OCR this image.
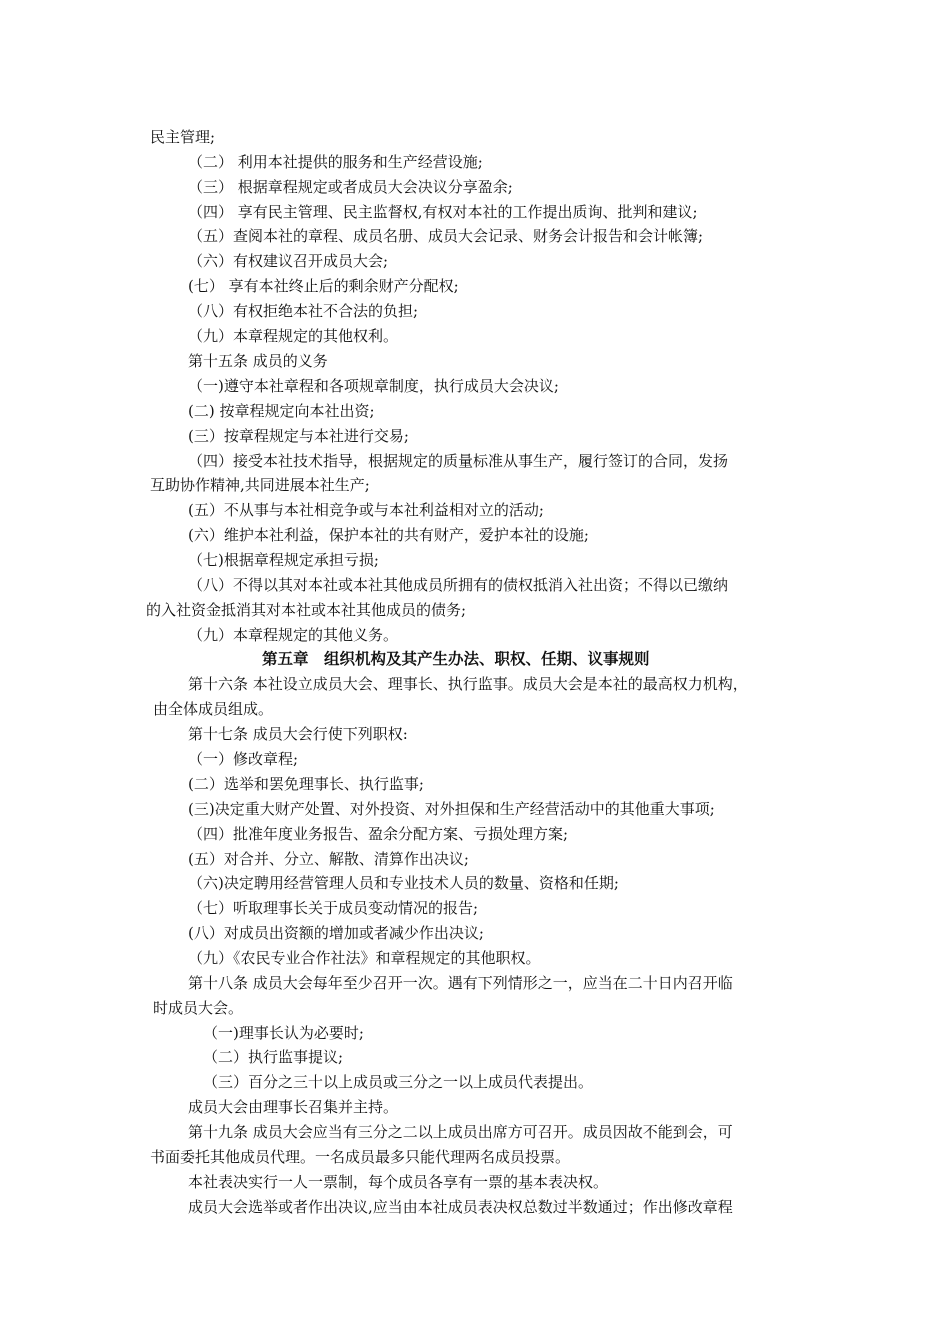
民主管理;
（二） 利用本社提供的服务和生产经营设施;
（三） 根据章程规定或者成员大会决议分享盈余;
（四） 享有民主管理、民主监督权,有权对本社的工作提出质询、批判和建议;
（五）查阅本社的章程、成员名册、成员大会记录、财务会计报告和会计帐簿;
（六）有权建议召开成员大会;
(七） 享有本社终止后的剩余财产分配权;
（八）有权拒绝本社不合法的负担;
（九）本章程规定的其他权利。
第十五条 成员的义务
（一)遵守本社章程和各项规章制度，执行成员大会决议;
(二) 按章程规定向本社出资;
(三）按章程规定与本社进行交易;
（四）接受本社技术指导，根据规定的质量标准从事生产，履行签订的合同，发扬
互助协作精神,共同进展本社生产;
(五）不从事与本社相竞争或与本社利益相对立的活动;
(六）维护本社利益，保护本社的共有财产，爱护本社的设施;
（七)根据章程规定承担亏损;
（八）不得以其对本社或本社其他成员所拥有的债权抵消入社出资；不得以已缴纳
的入社资金抵消其对本社或本社其他成员的债务;
（九）本章程规定的其他义务。
第五章　组织机构及其产生办法、职权、任期、议事规则
第十六条 本社设立成员大会、理事长、执行监事。成员大会是本社的最高权力机构，
由全体成员组成。
第十七条 成员大会行使下列职权:
（一）修改章程;
(二）选举和罢免理事长、执行监事;
(三)决定重大财产处置、对外投资、对外担保和生产经营活动中的其他重大事项;
（四）批准年度业务报告、盈余分配方案、亏损处理方案;
(五）对合并、分立、解散、清算作出决议;
（六)决定聘用经营管理人员和专业技术人员的数量、资格和任期;
（七）听取理事长关于成员变动情况的报告;
(八）对成员出资额的增加或者减少作出决议;
（九）《农民专业合作社法》和章程规定的其他职权。
第十八条 成员大会每年至少召开一次。遇有下列情形之一，应当在二十日内召开临
时成员大会。
（一)理事长认为必要时;
（二）执行监事提议;
（三）百分之三十以上成员或三分之一以上成员代表提出。
成员大会由理事长召集并主持。
第十九条 成员大会应当有三分之二以上成员出席方可召开。成员因故不能到会，可
书面委托其他成员代理。一名成员最多只能代理两名成员投票。
本社表决实行一人一票制，每个成员各享有一票的基本表决权。
成员大会选举或者作出决议,应当由本社成员表决权总数过半数通过；作出修改章程
